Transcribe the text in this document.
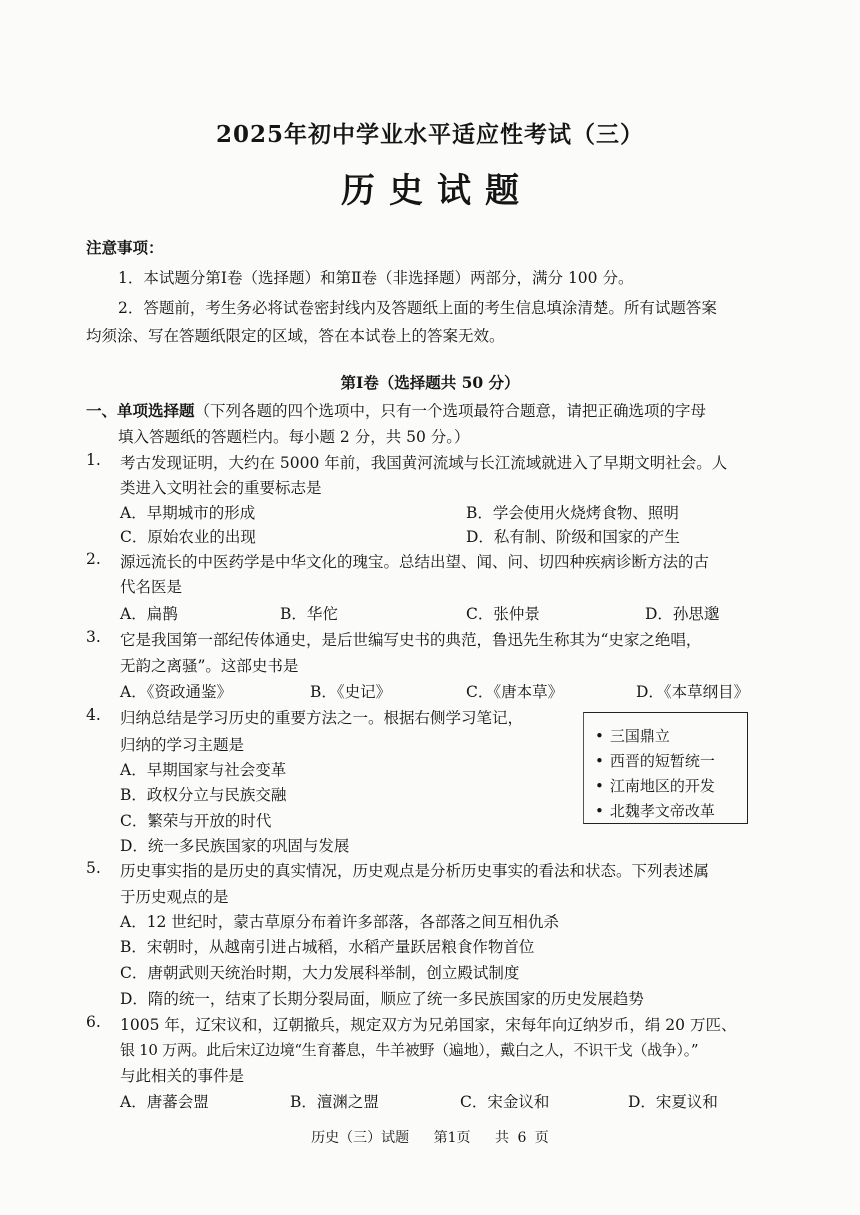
2025年初中学业水平适应性考试（三）
历史试题
注意事项：
1．本试题分第Ⅰ卷（选择题）和第Ⅱ卷（非选择题）两部分，满分 100 分。
2．答题前，考生务必将试卷密封线内及答题纸上面的考生信息填涂清楚。所有试题答案
均须涂、写在答题纸限定的区域，答在本试卷上的答案无效。
第Ⅰ卷（选择题共 50 分）
一、单项选择题（下列各题的四个选项中，只有一个选项最符合题意，请把正确选项的字母
填入答题纸的答题栏内。每小题 2 分，共 50 分。）
1. 考古发现证明，大约在 5000 年前，我国黄河流域与长江流域就进入了早期文明社会。人
类进入文明社会的重要标志是
A．早期城市的形成	B．学会使用火烧烤食物、照明
C．原始农业的出现	D．私有制、阶级和国家的产生
2. 源远流长的中医药学是中华文化的瑰宝。总结出望、闻、问、切四种疾病诊断方法的古
代名医是
A．扁鹊	B．华佗	C．张仲景	D．孙思邈
3. 它是我国第一部纪传体通史，是后世编写史书的典范，鲁迅先生称其为“史家之绝唱，
无韵之离骚”。这部史书是
A．《资政通鉴》	B．《史记》	C．《唐本草》	D．《本草纲目》
4. 归纳总结是学习历史的重要方法之一。根据右侧学习笔记，
归纳的学习主题是
A．早期国家与社会变革
B．政权分立与民族交融
C．繁荣与开放的时代
D．统一多民族国家的巩固与发展
• 三国鼎立
• 西晋的短暂统一
• 江南地区的开发
• 北魏孝文帝改革
5. 历史事实指的是历史的真实情况，历史观点是分析历史事实的看法和状态。下列表述属
于历史观点的是
A．12 世纪时，蒙古草原分布着许多部落，各部落之间互相仇杀
B．宋朝时，从越南引进占城稻，水稻产量跃居粮食作物首位
C．唐朝武则天统治时期，大力发展科举制，创立殿试制度
D．隋的统一，结束了长期分裂局面，顺应了统一多民族国家的历史发展趋势
6. 1005 年，辽宋议和，辽朝撤兵，规定双方为兄弟国家，宋每年向辽纳岁币，绢 20 万匹、
银 10 万两。此后宋辽边境“生育蕃息，牛羊被野（遍地），戴白之人，不识干戈（战争）。”
与此相关的事件是
A．唐蕃会盟	B．澶渊之盟	C．宋金议和	D．宋夏议和
历史（三）试题 第1页 共 6 页
